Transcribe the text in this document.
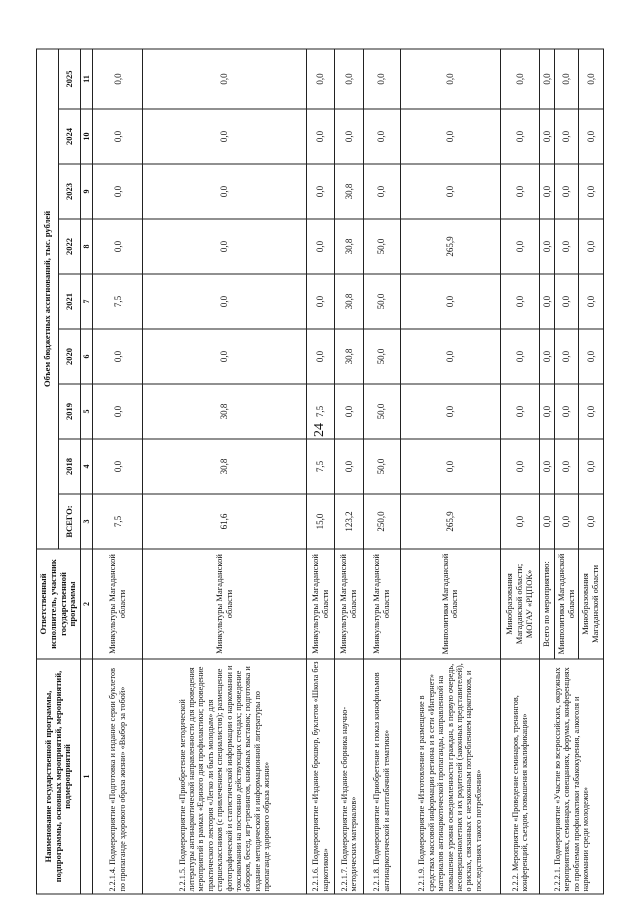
24
Наименование государственной программы, подпрограммы, основных мероприятий, мероприятий, подмероприятий	Ответственный исполнитель, участник государственной программы	Объем бюджетных ассигнований, тыс. рублей								
		ВСЕГО:	2018	2019	2020	2021	2022	2023	2024	2025
1	2	3	4	5	6	7	8	9	10	11
2.2.1.4. Подмероприятие «Подготовка и издание серии буклетов по пропаганде здорового образа жизни» «Выбор за тобой»	Минкультуры Магаданской области	7,5	0,0	0,0	0,0	7,5	0,0	0,0	0,0	0,0
2.2.1.5. Подмероприятие «Приобретение методической литературы антинаркотической направленности для проведения мероприятий в рамках «Единого дня профилактики; проведение практического лектория «Легко ли быть молодым» для старшеклассников (с привлечением специалистов); размещение фотографической и статистической информации о наркомании и токсикомании на постоянно действующих стендах; проведение обзоров, бесед, игр-тренингов, книжных выставок; подготовка и издание методической и информационной литературы по пропаганде здорового образа жизни»	Минкультуры Магаданской области	61,6	30,8	30,8	0,0	0,0	0,0	0,0	0,0	0,0
2.2.1.6. Подмероприятие «Издание брошюр, буклетов «Школа без наркотиков»	Минкультуры Магаданской области	15,0	7,5	7,5	0,0	0,0	0,0	0,0	0,0	0,0
2.2.1.7. Подмероприятие «Издание сборника научно-методических материалов»	Минкультуры Магаданской области	123,2	0,0	0,0	30,8	30,8	30,8	30,8	0,0	0,0
2.2.1.8. Подмероприятие «Приобретение и показ кинофильмов антинаркотической и антитабачной тематики»	Минкультуры Магаданской области	250,0	50,0	50,0	50,0	50,0	50,0	0,0	0,0	0,0
2.2.1.9. Подмероприятие «Изготовление и размещение в средствах массовой информации региона и в сети «Интернет» материалов антинаркотической пропаганды, направленной на повышение уровня осведомленности граждан, в первую очередь, несовершеннолетних и их родителей (законных представителей), о рисках, связанных с незаконным потреблением наркотиков, и последствиях такого потребления»	Минполитики Магаданской области	265,9	0,0	0,0	0,0	0,0	265,9	0,0	0,0	0,0
2.2.2. Мероприятие «Проведение семинаров, тренингов, конференций, съездов, повышения квалификации»	Минобразования Магаданской области; МОГАУ «РЦПОК»	0,0	0,0	0,0	0,0	0,0	0,0	0,0	0,0	0,0
2.2.2.1. Подмероприятие «Участие во всероссийских, окружных мероприятиях, семинарах, совещаниях, форумах, конференциях по проблемам профилактики табакокурения, алкоголя и наркомании среди молодежи»	Всего по мероприятию:	0,0	0,0	0,0	0,0	0,0	0,0	0,0	0,0	0,0
	Минполитики Магаданской области	0,0	0,0	0,0	0,0	0,0	0,0	0,0	0,0	0,0
	Минобразования Магаданской области	0,0	0,0	0,0	0,0	0,0	0,0	0,0	0,0	0,0
